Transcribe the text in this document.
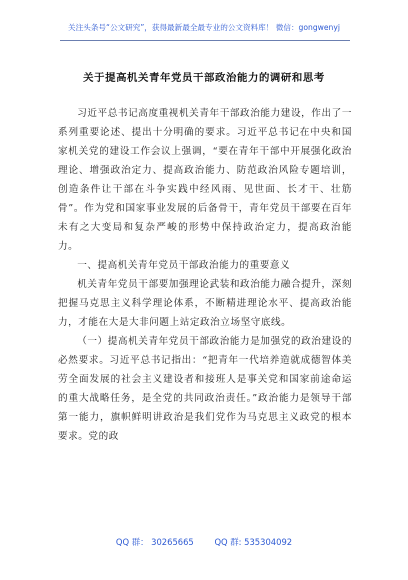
关注头条号“公文研究”，获得最新最全最专业的公文资料库！ 微信：gongwenyj
关于提高机关青年党员干部政治能力的调研和思考

习近平总书记高度重视机关青年干部政治能力建设，作出了一系列重要论述、提出十分明确的要求。习近平总书记在中央和国家机关党的建设工作会议上强调，“要在青年干部中开展强化政治理论、增强政治定力、提高政治能力、防范政治风险专题培训，创造条件让干部在斗争实践中经风雨、见世面、长才干、壮筋骨”。作为党和国家事业发展的后备骨干，青年党员干部要在百年未有之大变局和复杂严峻的形势中保持政治定力，提高政治能力。

一、提高机关青年党员干部政治能力的重要意义

机关青年党员干部要加强理论武装和政治能力融合提升，深刻把握马克思主义科学理论体系，不断精进理论水平、提高政治能力，才能在大是大非问题上站定政治立场坚守底线。

（一）提高机关青年党员干部政治能力是加强党的政治建设的必然要求。习近平总书记指出：“把青年一代培养造就成德智体美劳全面发展的社会主义建设者和接班人是事关党和国家前途命运的重大战略任务，是全党的共同政治责任。”政治能力是领导干部第一能力，旗帜鲜明讲政治是我们党作为马克思主义政党的根本要求。党的政

QQ 群： 30265665 QQ 群: 535304092
